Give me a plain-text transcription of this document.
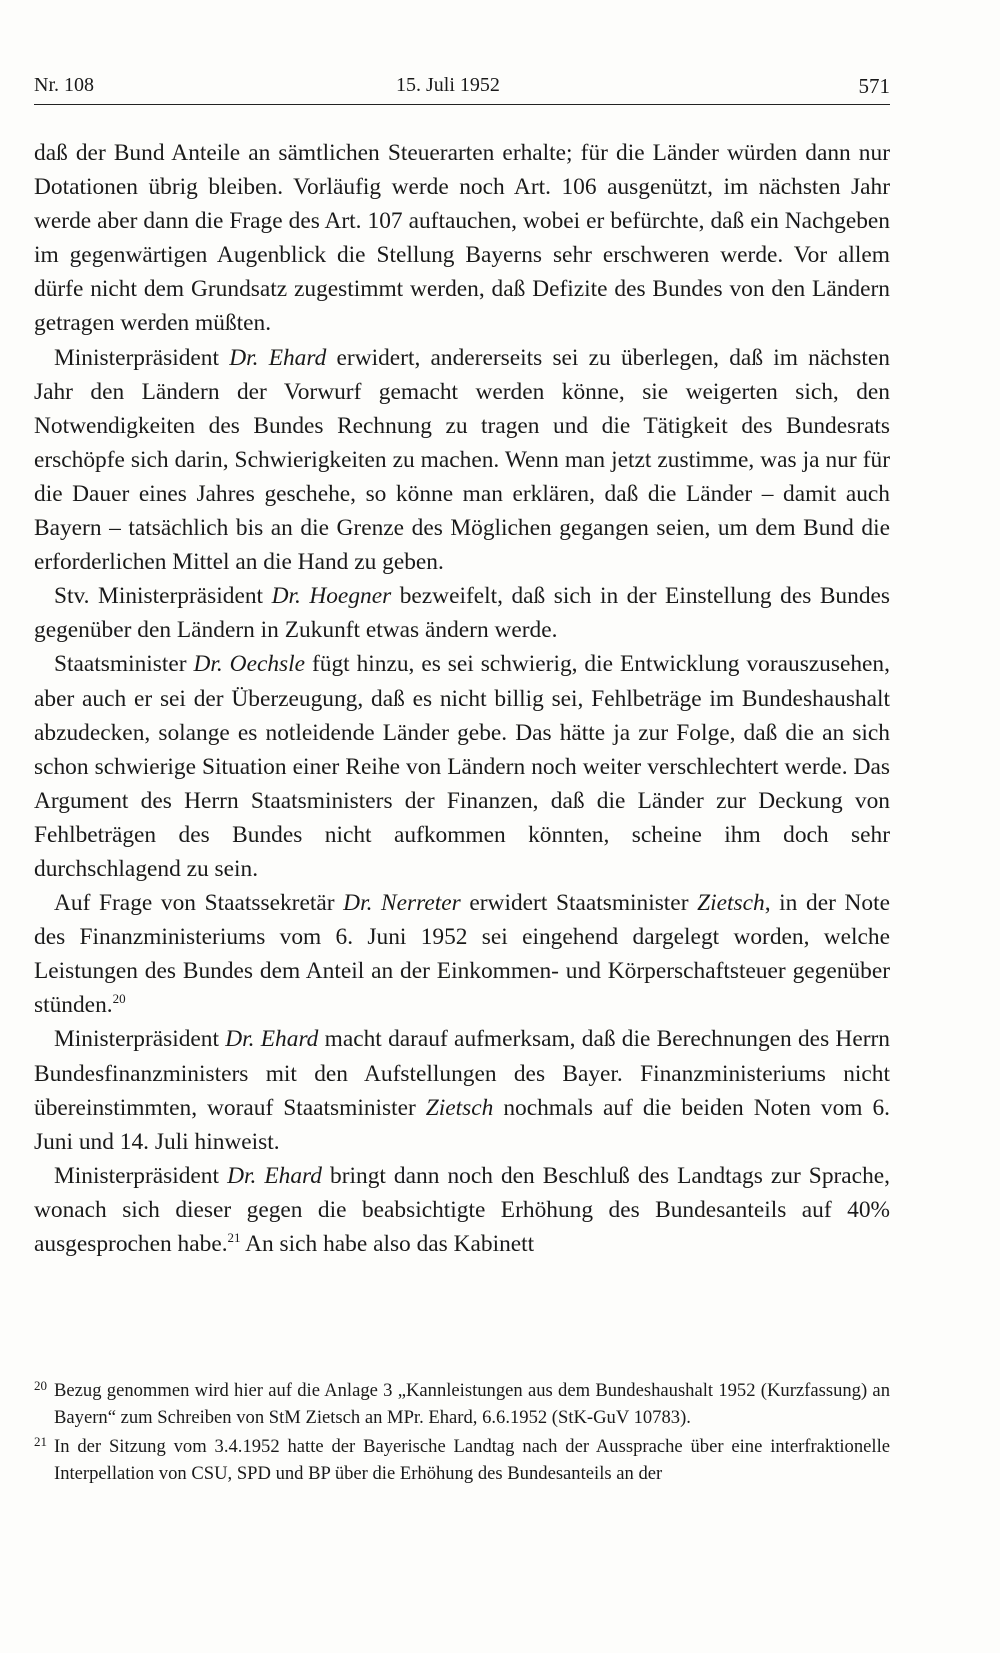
Nr. 108	15. Juli 1952	571

daß der Bund Anteile an sämtlichen Steuerarten erhalte; für die Länder würden dann nur Dotationen übrig bleiben. Vorläufig werde noch Art. 106 ausgenützt, im nächsten Jahr werde aber dann die Frage des Art. 107 auftauchen, wobei er befürchte, daß ein Nachgeben im gegenwärtigen Augenblick die Stellung Bayerns sehr erschweren werde. Vor allem dürfe nicht dem Grundsatz zugestimmt werden, daß Defizite des Bundes von den Ländern getragen werden müßten.

Ministerpräsident Dr. Ehard erwidert, andererseits sei zu überlegen, daß im nächsten Jahr den Ländern der Vorwurf gemacht werden könne, sie weigerten sich, den Notwendigkeiten des Bundes Rechnung zu tragen und die Tätigkeit des Bundesrats erschöpfe sich darin, Schwierigkeiten zu machen. Wenn man jetzt zustimme, was ja nur für die Dauer eines Jahres geschehe, so könne man erklären, daß die Länder – damit auch Bayern – tatsächlich bis an die Grenze des Möglichen gegangen seien, um dem Bund die erforderlichen Mittel an die Hand zu geben.

Stv. Ministerpräsident Dr. Hoegner bezweifelt, daß sich in der Einstellung des Bundes gegenüber den Ländern in Zukunft etwas ändern werde.

Staatsminister Dr. Oechsle fügt hinzu, es sei schwierig, die Entwicklung vorauszusehen, aber auch er sei der Überzeugung, daß es nicht billig sei, Fehlbeträge im Bundeshaushalt abzudecken, solange es notleidende Länder gebe. Das hätte ja zur Folge, daß die an sich schon schwierige Situation einer Reihe von Ländern noch weiter verschlechtert werde. Das Argument des Herrn Staatsministers der Finanzen, daß die Länder zur Deckung von Fehlbeträgen des Bundes nicht aufkommen könnten, scheine ihm doch sehr durchschlagend zu sein.

Auf Frage von Staatssekretär Dr. Nerreter erwidert Staatsminister Zietsch, in der Note des Finanzministeriums vom 6. Juni 1952 sei eingehend dargelegt worden, welche Leistungen des Bundes dem Anteil an der Einkommen- und Körperschaftsteuer gegenüber stünden.$^{20}$

Ministerpräsident Dr. Ehard macht darauf aufmerksam, daß die Berechnungen des Herrn Bundesfinanzministers mit den Aufstellungen des Bayer. Finanzministeriums nicht übereinstimmten, worauf Staatsminister Zietsch nochmals auf die beiden Noten vom 6. Juni und 14. Juli hinweist.

Ministerpräsident Dr. Ehard bringt dann noch den Beschluß des Landtags zur Sprache, wonach sich dieser gegen die beabsichtigte Erhöhung des Bundesanteils auf 40% ausgesprochen habe.$^{21}$ An sich habe also das Kabinett

20 Bezug genommen wird hier auf die Anlage 3 „Kannleistungen aus dem Bundeshaushalt 1952 (Kurzfassung) an Bayern“ zum Schreiben von StM Zietsch an MPr. Ehard, 6.6.1952 (StK-GuV 10783).
21 In der Sitzung vom 3.4.1952 hatte der Bayerische Landtag nach der Aussprache über eine interfraktionelle Interpellation von CSU, SPD und BP über die Erhöhung des Bundesanteils an der
